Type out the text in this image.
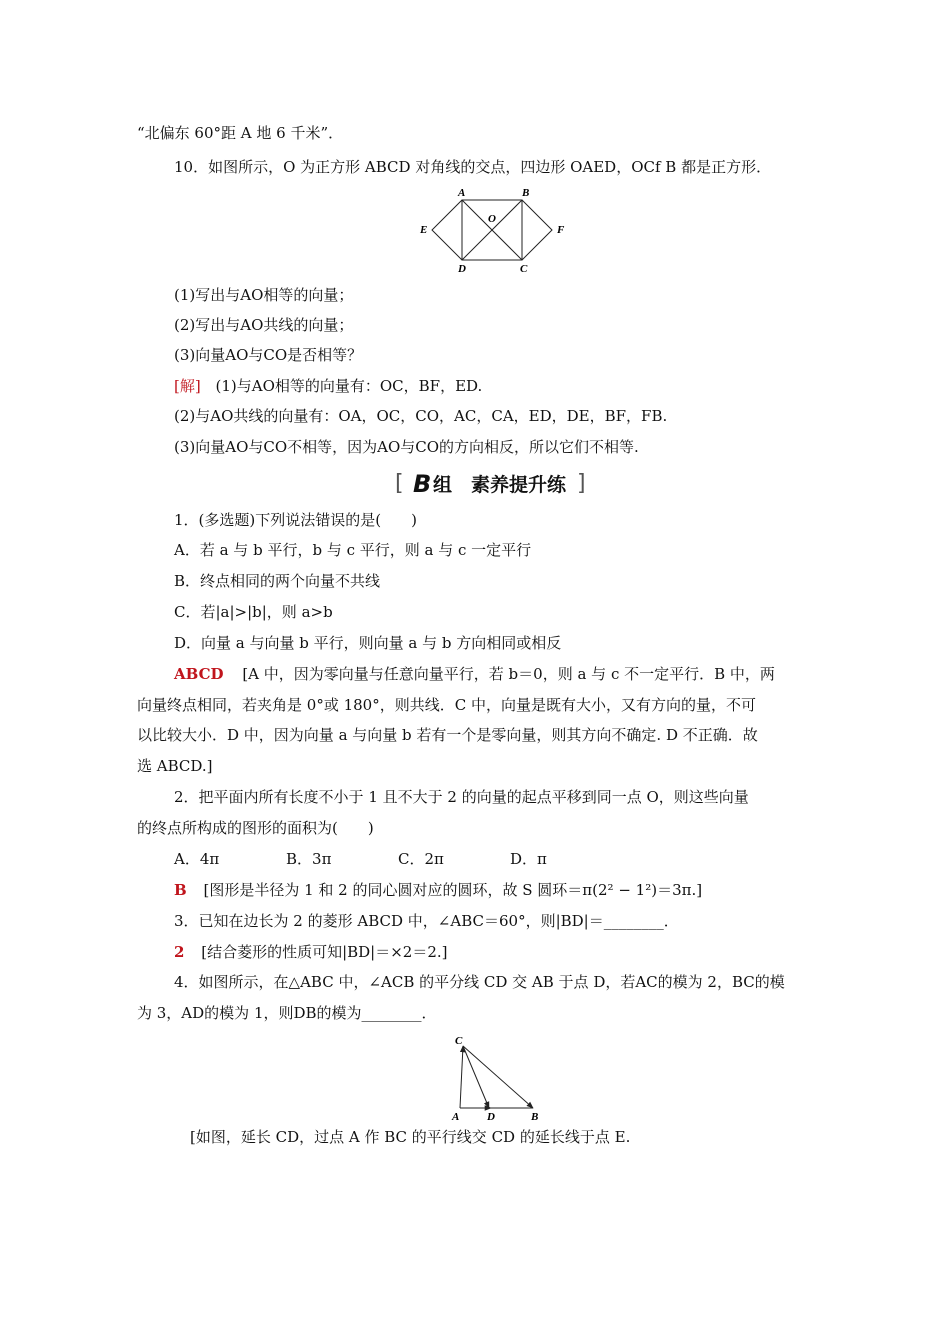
“北偏东 60°距 A 地 6 千米”．
10．如图所示，O 为正方形 ABCD 对角线的交点，四边形 OAED，OCf B 都是正方形．
A	B
E
O
F
D	C
(1)写出与AO相等的向量；
(2)写出与AO共线的向量；
(3)向量AO与CO是否相等？
[解] (1)与AO相等的向量有：OC，BF，ED.
(2)与AO共线的向量有：OA，OC，CO，AC，CA，ED，DE，BF，FB.
(3)向量AO与CO不相等，因为AO与CO的方向相反，所以它们不相等.
[ B 组　素养提升练 ]
1．(多选题)下列说法错误的是(　　)
A．若 a 与 b 平行，b 与 c 平行，则 a 与 c 一定平行
B．终点相同的两个向量不共线
C．若|a|>|b|，则 a>b
D．向量 a 与向量 b 平行，则向量 a 与 b 方向相同或相反
ABCD [A 中，因为零向量与任意向量平行，若 b＝0，则 a 与 c 不一定平行．B 中，两
向量终点相同，若夹角是 0°或 180°，则共线．C 中，向量是既有大小，又有方向的量，不可
以比较大小．D 中，因为向量 a 与向量 b 若有一个是零向量，则其方向不确定. D 不正确．故
选 ABCD.]
2．把平面内所有长度不小于 1 且不大于 2 的向量的起点平移到同一点 O，则这些向量
的终点所构成的图形的面积为(　　)
A．4π	B．3π	C．2π	D．π
B [图形是半径为 1 和 2 的同心圆对应的圆环，故 S 圆环＝π(2² − 1²)＝3π.]
3．已知在边长为 2 的菱形 ABCD 中，∠ABC＝60°，则|BD|＝________．
2 [结合菱形的性质可知|BD|＝×2＝2.]
4．如图所示，在△ABC 中，∠ACB 的平分线 CD 交 AB 于点 D，若AC的模为 2，BC的模
为 3，AD的模为 1，则DB的模为________．
C
A	D	B
[如图，延长 CD，过点 A 作 BC 的平行线交 CD 的延长线于点 E.
